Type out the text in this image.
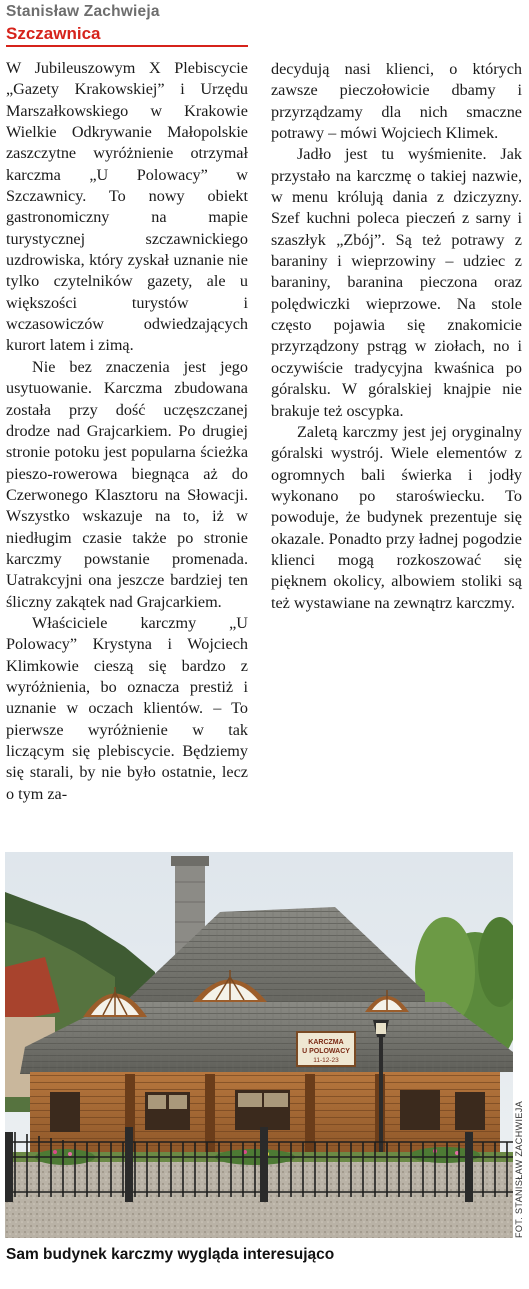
Stanisław Zachwieja
Szczawnica

W Jubileuszowym X Plebiscycie „Gazety Krakowskiej” i Urzędu Marszałkowskiego w Krakowie Wielkie Odkrywanie Małopolskie zaszczytne wyróżnienie otrzymał karczma „U Polowacy” w Szczawnicy. To nowy obiekt gastronomiczny na mapie turystycznej szczawnickiego uzdrowiska, który zyskał uznanie nie tylko czytelników gazety, ale u większości turystów i wczasowiczów odwiedzających kurort latem i zimą.

Nie bez znaczenia jest jego usytuowanie. Karczma zbudowana została przy dość uczęszczanej drodze nad Grajcarkiem. Po drugiej stronie potoku jest popularna ścieżka pieszo-rowerowa biegnąca aż do Czerwonego Klasztoru na Słowacji. Wszystko wskazuje na to, iż w niedługim czasie także po stronie karczmy powstanie promenada. Uatrakcyjni ona jeszcze bardziej ten śliczny zakątek nad Grajcarkiem.

Właściciele karczmy „U Polowacy” Krystyna i Wojciech Klimkowie cieszą się bardzo z wyróżnienia, bo oznacza prestiż i uznanie w oczach klientów. – To pierwsze wyróżnienie w tak liczącym się plebiscycie. Będziemy się starali, by nie było ostatnie, lecz o tym za-

decydują nasi klienci, o których zawsze pieczołowicie dbamy i przyrządzamy dla nich smaczne potrawy – mówi Wojciech Klimek.

Jadło jest tu wyśmienite. Jak przystało na karczmę o takiej nazwie, w menu królują dania z dziczyzny. Szef kuchni poleca pieczeń z sarny i szaszłyk „Zbój”. Są też potrawy z baraniny i wieprzowiny – udziec z baraniny, baranina pieczona oraz polędwiczki wieprzowe. Na stole często pojawia się znakomicie przyrządzony pstrąg w ziołach, no i oczywiście tradycyjna kwaśnica po góralsku. W góralskiej knajpie nie brakuje też oscypka.

Zaletą karczmy jest jej oryginalny góralski wystrój. Wiele elementów z ogromnych bali świerka i jodły wykonano po staroświecku. To powoduje, że budynek prezentuje się okazale. Ponadto przy ładnej pogodzie klienci mogą rozkoszować się pięknem okolicy, albowiem stoliki są też wystawiane na zewnątrz karczmy.

KARCZMA
U POLOWACY
11-12-23
FOT. STANISŁAW ZACHWIEJA
Sam budynek karczmy wygląda interesująco
